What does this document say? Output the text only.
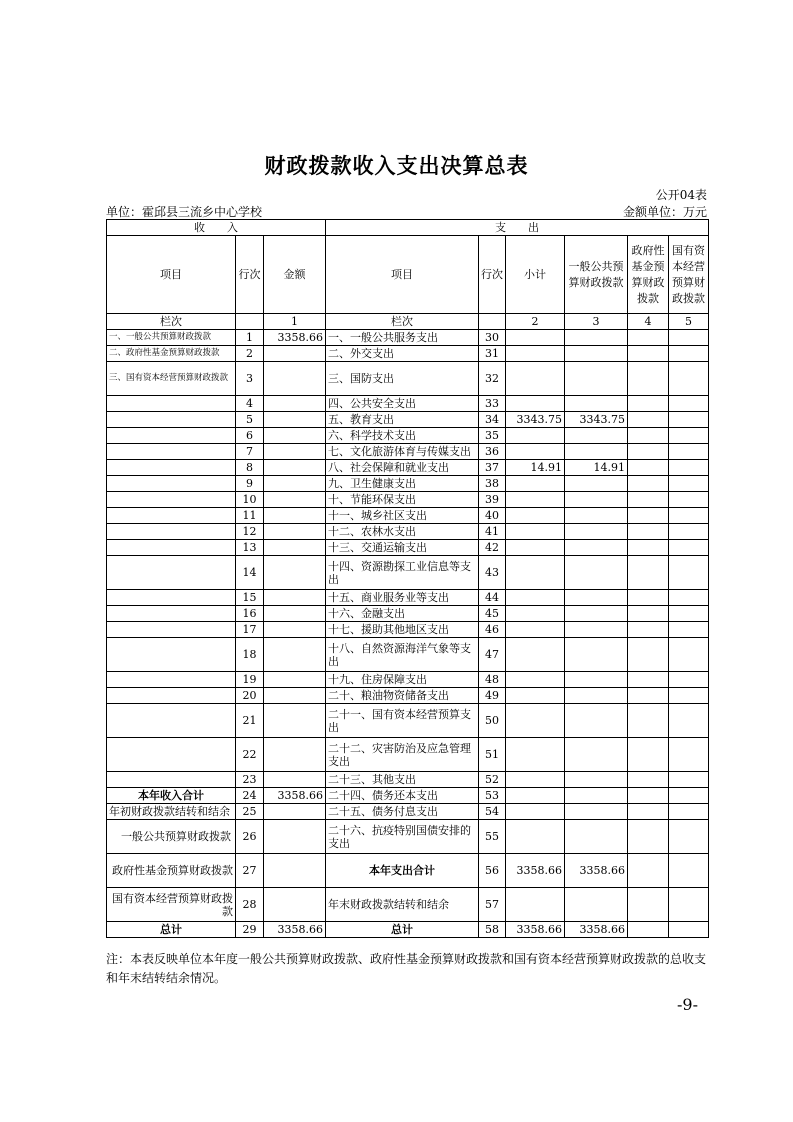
财政拨款收入支出决算总表
公开04表
单位：霍邱县三流乡中心学校	金额单位：万元
收　　入			支　　出					
项目	行次	金额	项目	行次	小计	一般公共预算财政拨款	政府性基金预算财政拨款	国有资本经营预算财政拨款
栏次		1	栏次		2	3	4	5
一、一般公共预算财政拨款	1	3358.66	一、一般公共服务支出	30				
二、政府性基金预算财政拨款	2		二、外交支出	31				
三、国有资本经营预算财政拨款	3		三、国防支出	32				
	4		四、公共安全支出	33				
	5		五、教育支出	34	3343.75	3343.75		
	6		六、科学技术支出	35				
	7		七、文化旅游体育与传媒支出	36				
	8		八、社会保障和就业支出	37	14.91	14.91		
	9		九、卫生健康支出	38				
	10		十、节能环保支出	39				
	11		十一、城乡社区支出	40				
	12		十二、农林水支出	41				
	13		十三、交通运输支出	42				
	14		十四、资源勘探工业信息等支出	43				
	15		十五、商业服务业等支出	44				
	16		十六、金融支出	45				
	17		十七、援助其他地区支出	46				
	18		十八、自然资源海洋气象等支出	47				
	19		十九、住房保障支出	48				
	20		二十、粮油物资储备支出	49				
	21		二十一、国有资本经营预算支出	50				
	22		二十二、灾害防治及应急管理支出	51				
	23		二十三、其他支出	52				
本年收入合计	24	3358.66	二十四、债务还本支出	53				
年初财政拨款结转和结余	25		二十五、债务付息支出	54				
一般公共预算财政拨款	26		二十六、抗疫特别国债安排的支出	55				
政府性基金预算财政拨款	27		本年支出合计	56	3358.66	3358.66		
国有资本经营预算财政拨款	28		年末财政拨款结转和结余	57				
总计	29	3358.66	总计	58	3358.66	3358.66		
注：本表反映单位本年度一般公共预算财政拨款、政府性基金预算财政拨款和国有资本经营预算财政拨款的总收支和年末结转结余情况。
-9-
